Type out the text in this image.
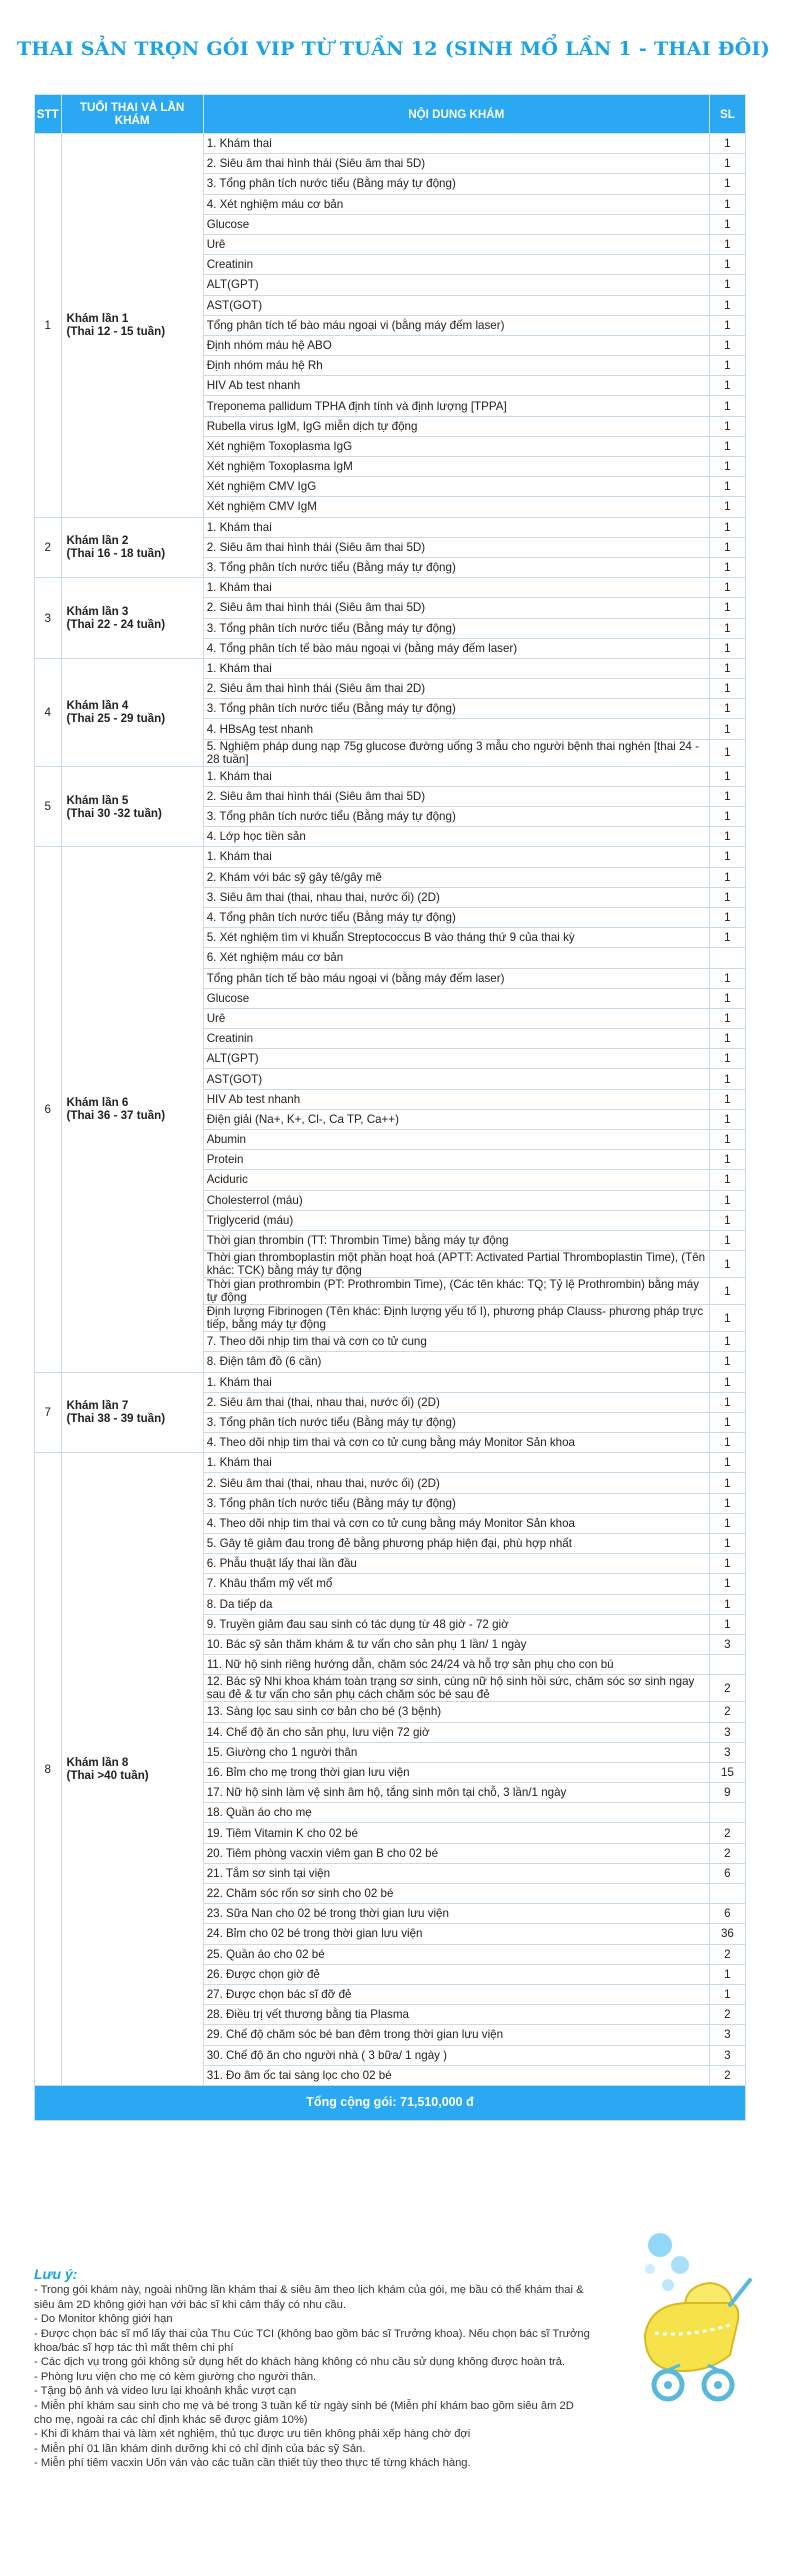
THAI SẢN TRỌN GÓI VIP TỪ TUẦN 12 (SINH MỔ LẦN 1 - THAI ĐÔI)
STT	TUỔI THAI VÀ LẦN KHÁM	NỘI DUNG KHÁM	SL
1	Khám lần 1
(Thai 12 - 15 tuần)	1. Khám thai	1
		2. Siêu âm thai hình thái (Siêu âm thai 5D)	1
		3. Tổng phân tích nước tiểu (Bằng máy tự động)	1
		4. Xét nghiệm máu cơ bản	1
		Glucose	1
		Urê	1
		Creatinin	1
		ALT(GPT)	1
		AST(GOT)	1
		Tổng phân tích tế bào máu ngoại vi (bằng máy đếm laser)	1
		Định nhóm máu hệ ABO	1
		Định nhóm máu hệ Rh	1
		HIV Ab test nhanh	1
		Treponema pallidum TPHA định tính và định lượng [TPPA]	1
		Rubella virus IgM, IgG miễn dịch tự động	1
		Xét nghiệm Toxoplasma IgG	1
		Xét nghiệm Toxoplasma IgM	1
		Xét nghiệm CMV IgG	1
		Xét nghiệm CMV IgM	1
2	Khám lần 2
(Thai 16 - 18 tuần)	1. Khám thai	1
		2. Siêu âm thai hình thái (Siêu âm thai 5D)	1
		3. Tổng phân tích nước tiểu (Bằng máy tự động)	1
3	Khám lần 3
(Thai 22 - 24 tuần)	1. Khám thai	1
		2. Siêu âm thai hình thái (Siêu âm thai 5D)	1
		3. Tổng phân tích nước tiểu (Bằng máy tự động)	1
		4. Tổng phân tích tế bào máu ngoại vi (bằng máy đếm laser)	1
4	Khám lần 4
(Thai 25 - 29 tuần)	1. Khám thai	1
		2. Siêu âm thai hình thái (Siêu âm thai 2D)	1
		3. Tổng phân tích nước tiểu (Bằng máy tự động)	1
		4. HBsAg test nhanh	1
		5. Nghiệm pháp dung nạp 75g glucose đường uống 3 mẫu cho người bệnh thai nghén [thai 24 - 28 tuần]	1
5	Khám lần 5
(Thai 30 -32 tuần)	1. Khám thai	1
		2. Siêu âm thai hình thái (Siêu âm thai 5D)	1
		3. Tổng phân tích nước tiểu (Bằng máy tự động)	1
		4. Lớp học tiền sản	1
6	Khám lần 6
(Thai 36 - 37 tuần)	1. Khám thai	1
		2. Khám với bác sỹ gây tê/gây mê	1
		3. Siêu âm thai (thai, nhau thai, nước ối) (2D)	1
		4. Tổng phân tích nước tiểu (Bằng máy tự động)	1
		5. Xét nghiệm tìm vi khuẩn Streptococcus B vào tháng thứ 9 của thai kỳ	1
		6. Xét nghiệm máu cơ bản	
		Tổng phân tích tế bào máu ngoại vi (bằng máy đếm laser)	1
		Glucose	1
		Urê	1
		Creatinin	1
		ALT(GPT)	1
		AST(GOT)	1
		HIV Ab test nhanh	1
		Điện giải (Na+, K+, Cl-, Ca TP, Ca++)	1
		Abumin	1
		Protein	1
		Aciduric	1
		Cholesterrol (máu)	1
		Triglycerid (máu)	1
		Thời gian thrombin (TT: Thrombin Time) bằng máy tự động	1
		Thời gian thromboplastin một phần hoạt hoá (APTT: Activated Partial Thromboplastin Time), (Tên khác: TCK) bằng máy tự động	1
		Thời gian prothrombin (PT: Prothrombin Time), (Các tên khác: TQ; Tỷ lệ Prothrombin) bằng máy tự động	1
		Định lượng Fibrinogen (Tên khác: Định lượng yếu tố I), phương pháp Clauss- phương pháp trực tiếp, bằng máy tự động	1
		7. Theo dõi nhịp tim thai và cơn co tử cung	1
		8. Điện tâm đồ (6 cần)	1
7	Khám lần 7
(Thai 38 - 39 tuần)	1. Khám thai	1
		2. Siêu âm thai (thai, nhau thai, nước ối) (2D)	1
		3. Tổng phân tích nước tiểu (Bằng máy tự động)	1
		4. Theo dõi nhịp tim thai và cơn co tử cung bằng máy Monitor Sản khoa	1
8	Khám lần 8
(Thai >40 tuần)	1. Khám thai	1
		2. Siêu âm thai (thai, nhau thai, nước ối) (2D)	1
		3. Tổng phân tích nước tiểu (Bằng máy tự động)	1
		4. Theo dõi nhịp tim thai và cơn co tử cung bằng máy Monitor Sản khoa	1
		5. Gây tê giảm đau trong đẻ bằng phương pháp hiện đại, phù hợp nhất	1
		6. Phẫu thuật lấy thai lần đầu	1
		7. Khâu thẩm mỹ vết mổ	1
		8. Da tiếp da	1
		9. Truyền giảm đau sau sinh có tác dụng từ 48 giờ - 72 giờ	1
		10. Bác sỹ sản thăm khám & tư vấn cho sản phụ 1 lần/ 1 ngày	3
		11. Nữ hộ sinh riêng hướng dẫn, chăm sóc 24/24 và hỗ trợ sản phụ cho con bú	
		12. Bác sỹ Nhi khoa khám toàn trạng sơ sinh, cùng nữ hộ sinh hồi sức, chăm sóc sơ sinh ngay sau đẻ & tư vấn cho sản phụ cách chăm sóc bé sau đẻ	2
		13. Sàng lọc sau sinh cơ bản cho bé (3 bệnh)	2
		14. Chế độ ăn cho sản phụ, lưu viện 72 giờ	3
		15. Giường cho 1 người thân	3
		16. Bỉm cho mẹ trong thời gian lưu viện	15
		17. Nữ hộ sinh làm vệ sinh âm hộ, tắng sinh môn tại chỗ, 3 lần/1 ngày	9
		18. Quần áo cho mẹ	
		19. Tiêm Vitamin K cho 02 bé	2
		20. Tiêm phòng vacxin viêm gan B cho 02 bé	2
		21. Tắm sơ sinh tại viện	6
		22. Chăm sóc rốn sơ sinh cho 02 bé	
		23. Sữa Nan cho 02 bé trong thời gian lưu viện	6
		24. Bỉm cho 02 bé trong thời gian lưu viện	36
		25. Quần áo cho 02 bé	2
		26. Được chọn giờ đẻ	1
		27. Được chọn bác sĩ đỡ đẻ	1
		28. Điều trị vết thương bằng tia Plasma	2
		29. Chế độ chăm sóc bé ban đêm trong thời gian lưu viện	3
		30. Chế độ ăn cho người nhà ( 3 bữa/ 1 ngày )	3
		31. Đo âm ốc tai sàng lọc cho 02 bé	2
Tổng cộng gói: 71,510,000 đ			
Lưu ý:
- Trong gói khám này, ngoài những lần khám thai & siêu âm theo lịch khám của gói, mẹ bầu có thể khám thai & siêu âm 2D không giới hạn với bác sĩ khi cảm thấy có nhu cầu.
- Do Monitor không giới hạn
- Được chọn bác sĩ mổ lấy thai của Thu Cúc TCI (không bao gồm bác sĩ Trưởng khoa). Nếu chọn bác sĩ Trưởng khoa/bác sĩ hợp tác thì mất thêm chi phí
- Các dịch vụ trong gói không sử dụng hết do khách hàng không có nhu cầu sử dụng không được hoàn trả.
- Phòng lưu viện cho mẹ có kèm giường cho người thân.
- Tặng bộ ảnh và video lưu lại khoảnh khắc vượt cạn
- Miễn phí khám sau sinh cho mẹ và bé trong 3 tuần kể từ ngày sinh bé (Miễn phí khám bao gồm siêu âm 2D cho mẹ, ngoài ra các chỉ định khác sẽ được giảm 10%)
- Khi đi khám thai và làm xét nghiệm, thủ tục được ưu tiên không phải xếp hàng chờ đợi
- Miễn phí 01 lần khám dinh dưỡng khi có chỉ định của bác sỹ Sản.
- Miễn phí tiêm vacxin Uốn ván vào các tuần cần thiết tùy theo thực tế từng khách hàng.
